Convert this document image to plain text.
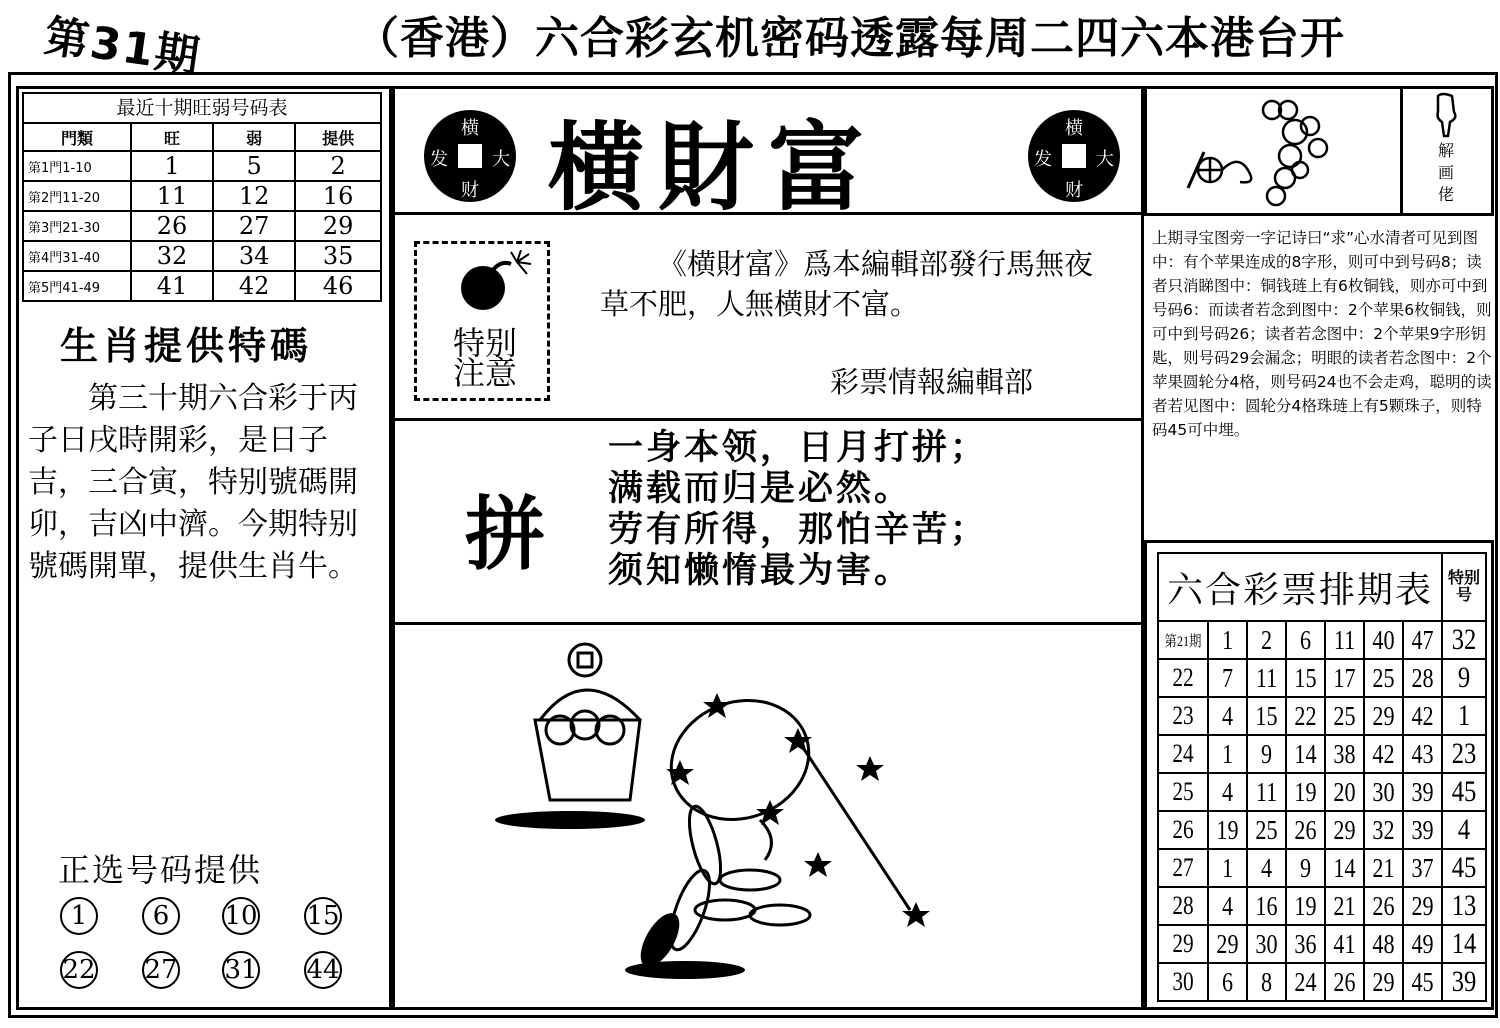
第31期	（香港）六合彩玄机密码透露每周二四六本港台开
最近十期旺弱号码表
門類	旺	弱	提供
第1門1-10	1	5	2
第2門11-20	11	12	16
第3門21-30	26	27	29
第4門31-40	32	34	35
第5門41-49	41	42	46
生肖提供特碼
第三十期六合彩于丙子日戌時開彩，是日子吉，三合寅，特别號碼開卯，吉凶中濟。今期特别號碼開單，提供生肖牛。
正选号码提供
1	6	10 15
22 27 31 44
横
发 大
财 横財富	横
发 大
财
特别注意
《横財富》爲本編輯部發行馬無夜草不肥，人無横財不富。
彩票情報編輯部
拼
一身本领，日月打拼；
满载而归是必然。
劳有所得，那怕辛苦；
须知懒惰最为害。
解画佬
上期寻宝图旁一字记诗曰“求”心水清者可见到图中：有个苹果连成的8字形，则可中到号码8；读者只消睇图中：铜钱琏上有6枚铜钱，则亦可中到号码6：而读者若念到图中：2个苹果6枚铜钱，则可中到号码26；读者若念图中：2个苹果9字形钥匙，则号码29会漏念；明眼的读者若念图中：2个苹果圆轮分4格，则号码24也不会走鸡，聪明的读者若见图中：圆轮分4格珠琏上有5颗珠子，则特码45可中埋。
六合彩票排期表							特别号
第21期	1	2	6	11	40	47	32
22	7	11	15	17	25	28	9
23	4	15	22	25	29	42	1
24	1	9	14	38	42	43	23
25	4	11	19	20	30	39	45
26	19	25	26	29	32	39	4
27	1	4	9	14	21	37	45
28	4	16	19	21	26	29	13
29	29	30	36	41	48	49	14
30	6	8	24	26	29	45	39
